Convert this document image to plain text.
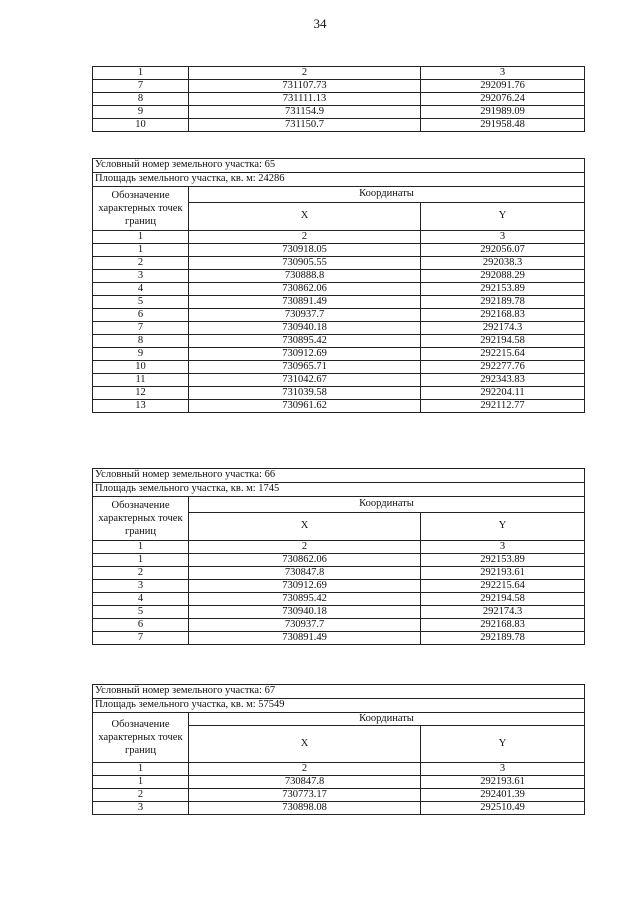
34
1	2	3
7	731107.73	292091.76
8	731111.13	292076.24
9	731154.9	291989.09
10	731150.7	291958.48
Условный номер земельного участка: 65		
Площадь земельного участка, кв. м: 24286		
Обозначение характерных точек границ	Координаты	
	X	Y
1	2	3
1	730918.05	292056.07
2	730905.55	292038.3
3	730888.8	292088.29
4	730862.06	292153.89
5	730891.49	292189.78
6	730937.7	292168.83
7	730940.18	292174.3
8	730895.42	292194.58
9	730912.69	292215.64
10	730965.71	292277.76
11	731042.67	292343.83
12	731039.58	292204.11
13	730961.62	292112.77
Условный номер земельного участка: 66		
Площадь земельного участка, кв. м: 1745		
Обозначение характерных точек границ	Координаты	
	X	Y
1	2	3
1	730862.06	292153.89
2	730847.8	292193.61
3	730912.69	292215.64
4	730895.42	292194.58
5	730940.18	292174.3
6	730937.7	292168.83
7	730891.49	292189.78
Условный номер земельного участка: 67		
Площадь земельного участка, кв. м: 57549		
Обозначение характерных точек границ	Координаты	
	X	Y
1	2	3
1	730847.8	292193.61
2	730773.17	292401.39
3	730898.08	292510.49
